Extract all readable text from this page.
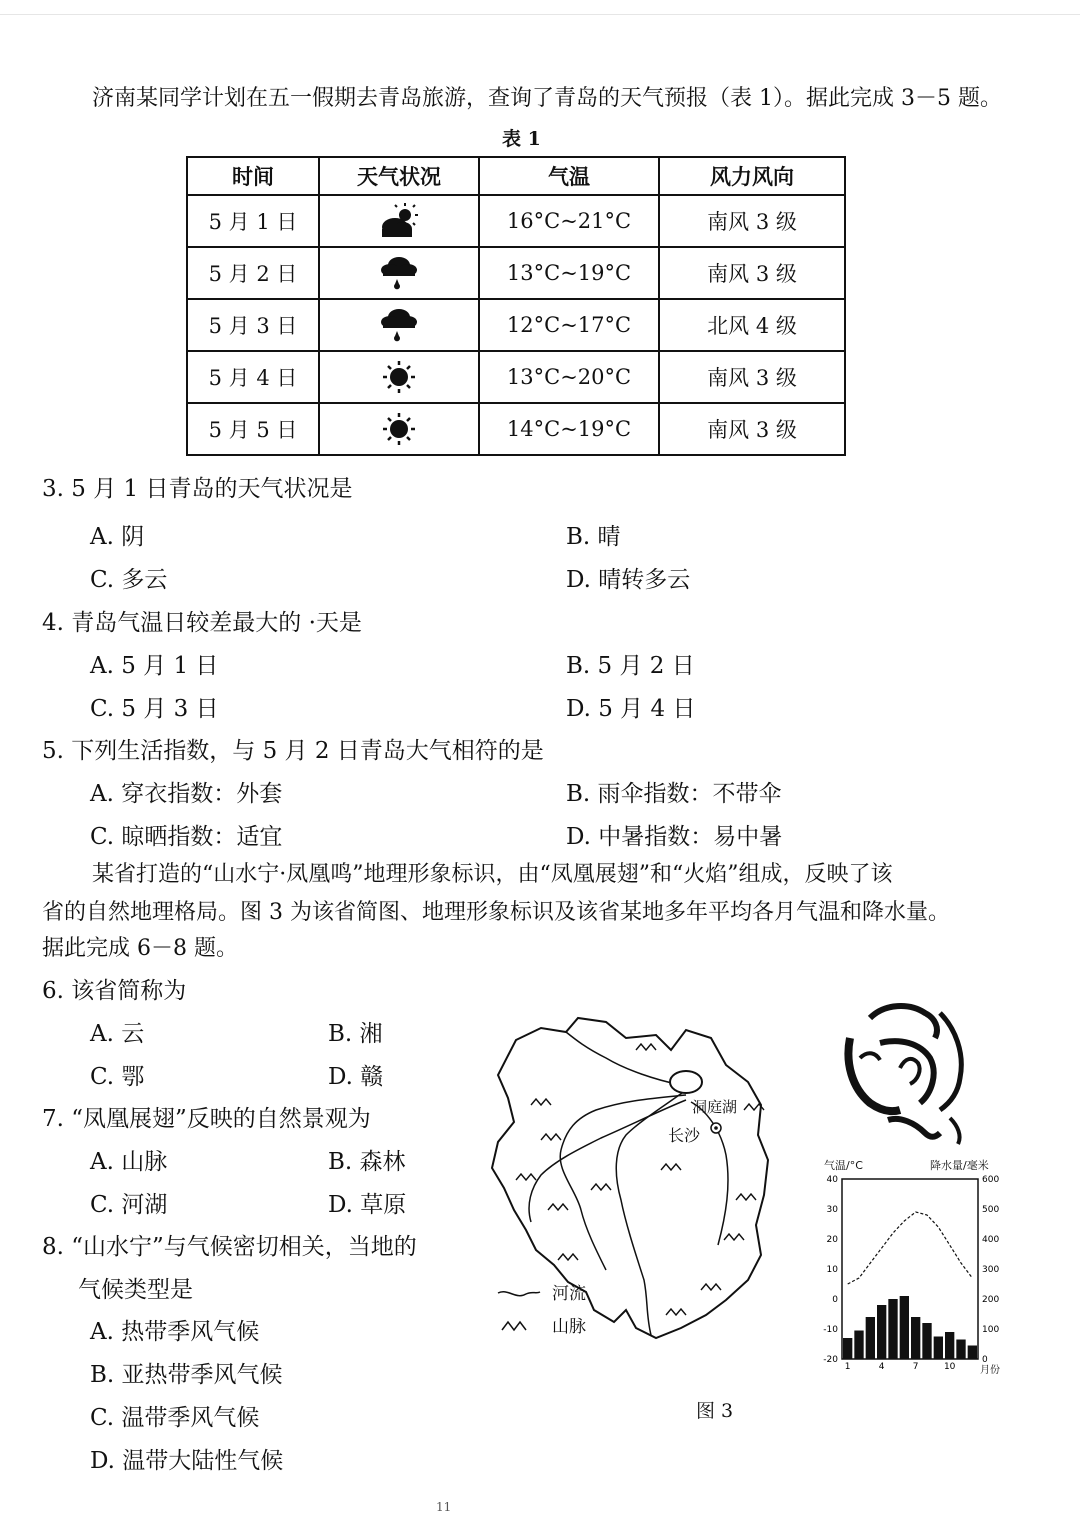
济南某同学计划在五一假期去青岛旅游，查询了青岛的天气预报（表 1）。据此完成 3－5 题。
表 1
时间	天气状况	气温	风力风向
5 月 1 日		16°C~21°C	南风 3 级
5 月 2 日		13°C~19°C	南风 3 级
5 月 3 日		12°C~17°C	北风 4 级
5 月 4 日		13°C~20°C	南风 3 级
5 月 5 日		14°C~19°C	南风 3 级
3. 5 月 1 日青岛的天气状况是
A. 阴	B. 晴
C. 多云	D. 晴转多云
4. 青岛气温日较差最大的 ·天是
A. 5 月 1 日	B. 5 月 2 日
C. 5 月 3 日	D. 5 月 4 日
5. 下列生活指数，与 5 月 2 日青岛大气相符的是
A. 穿衣指数：外套	B. 雨伞指数：不带伞
C. 晾晒指数：适宜	D. 中暑指数：易中暑
某省打造的“山水宁·凤凰鸣”地理形象标识，由“凤凰展翅”和“火焰”组成，反映了该
省的自然地理格局。图 3 为该省简图、地理形象标识及该省某地多年平均各月气温和降水量。
据此完成 6－8 题。
6. 该省简称为
A. 云	B. 湘
C. 鄂	D. 赣
7. “凤凰展翅”反映的自然景观为
A. 山脉	B. 森林
C. 河湖	D. 草原
8. “山水宁”与气候密切相关，当地的
气候类型是
A. 热带季风气候
B. 亚热带季风气候
C. 温带季风气候
D. 温带大陆性气候
洞庭湖
长沙
河流
山脉
气温/°C	降水量/毫米
40
30
20
10
0
-10
-20
600
500
400
300
200
100
0
1	4	7	10 月份
图 3
11
